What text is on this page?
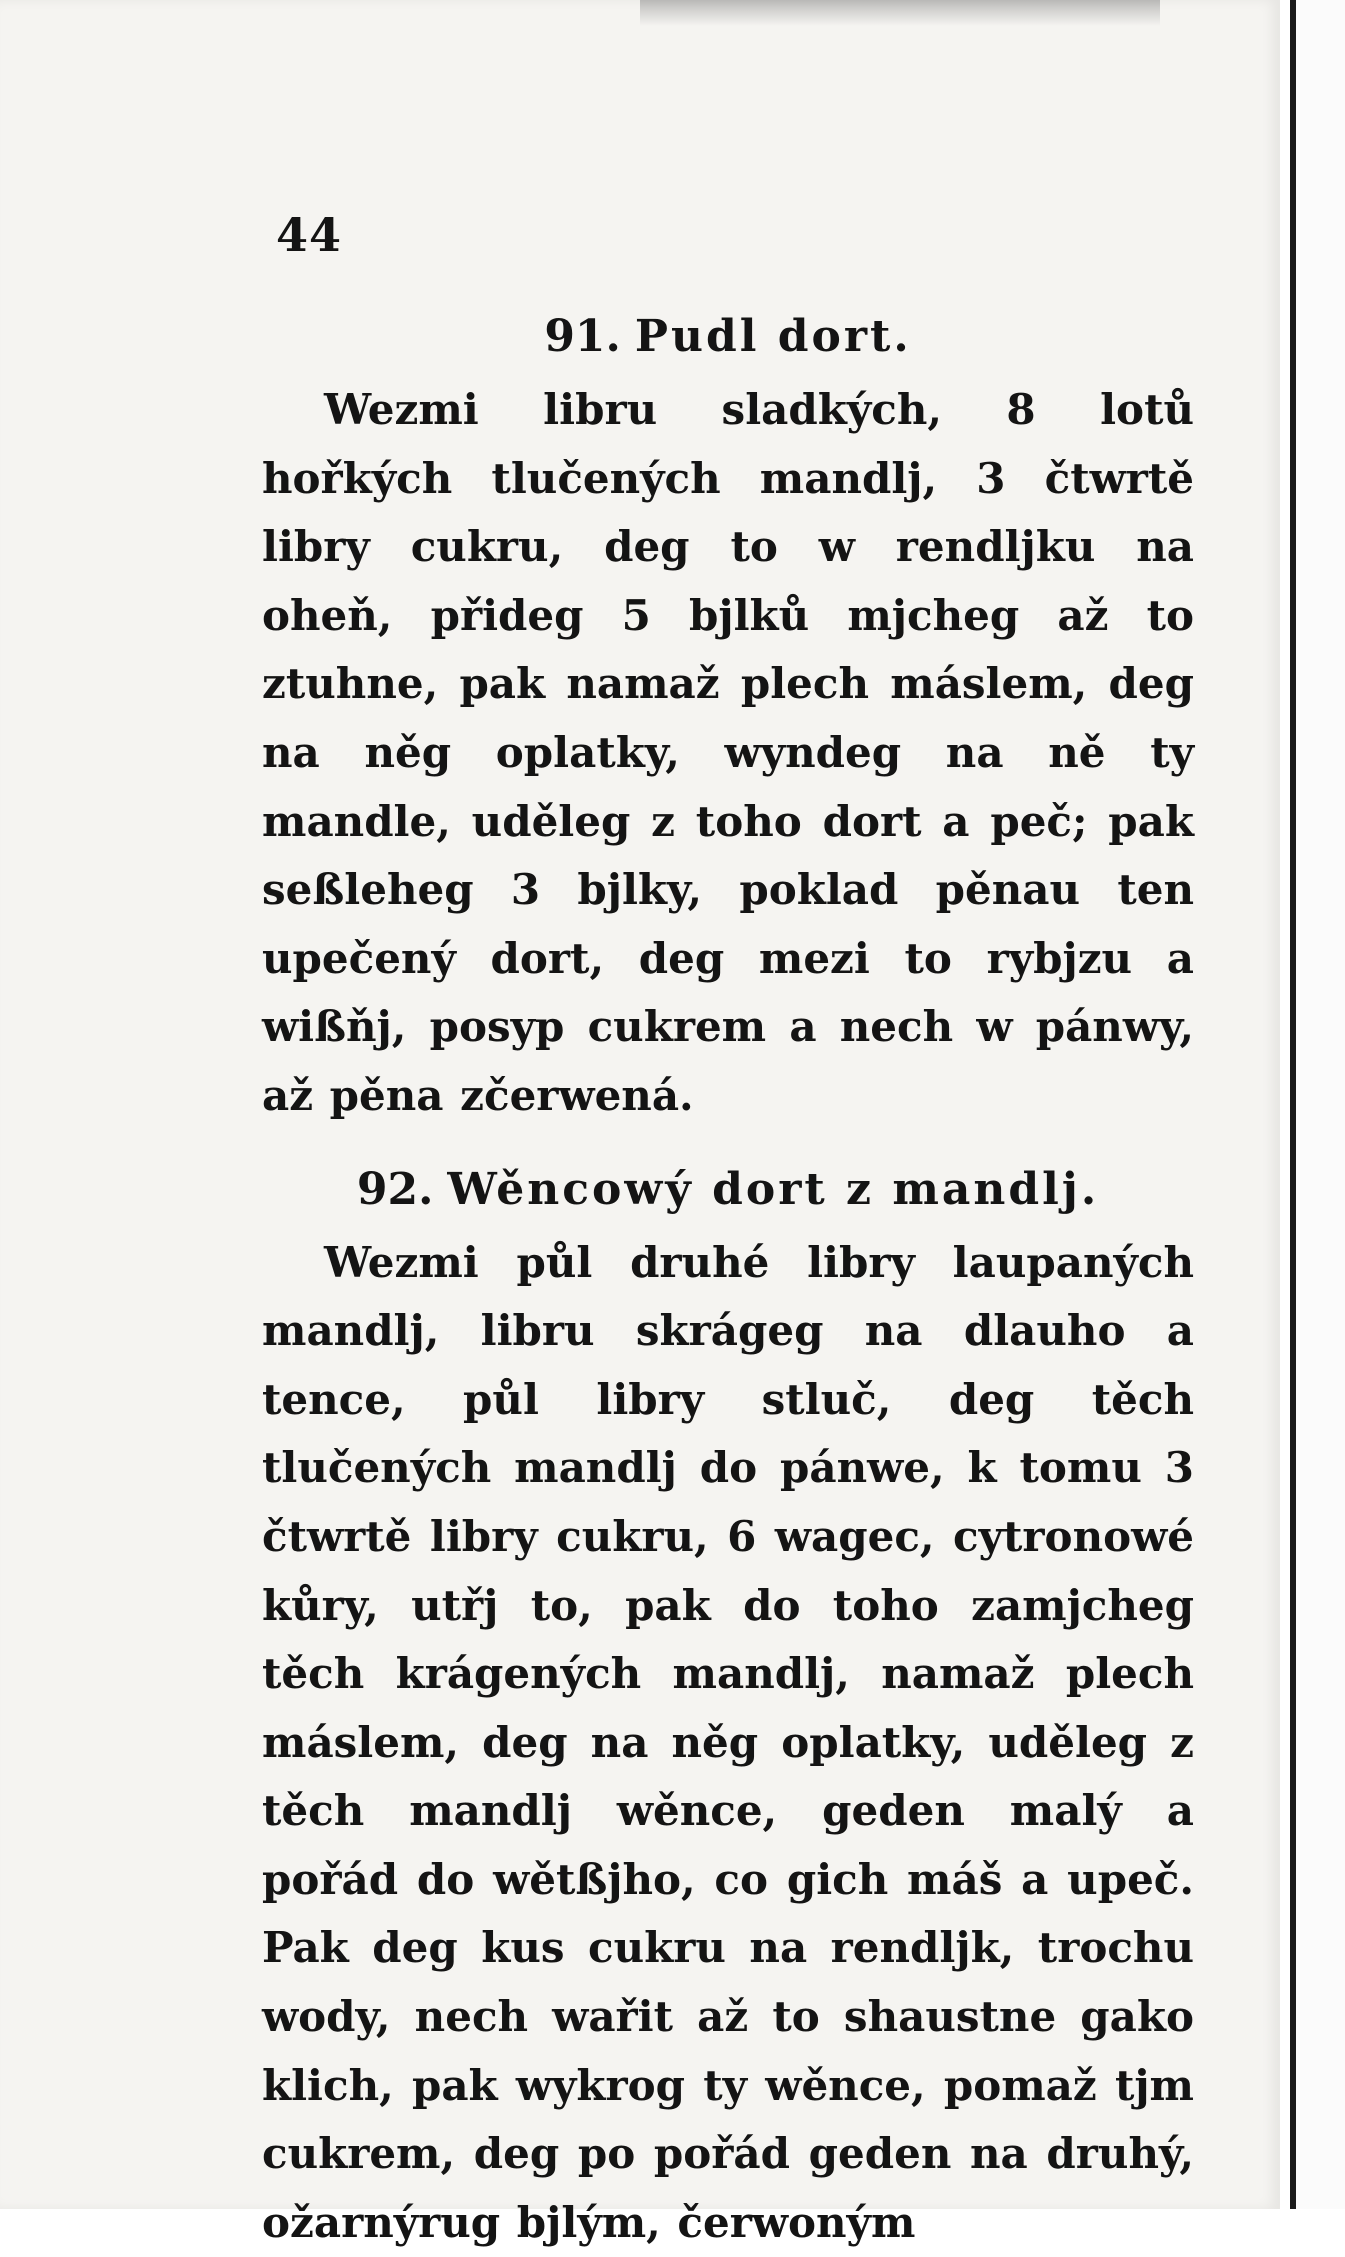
44
91. Pudl dort.

Wezmi libru sladkých, 8 lotů hořkých tlučených mandlj, 3 čtwrtě libry cukru, deg to w rendljku na oheň, přideg 5 bjlků mjcheg až to ztuhne, pak namaž plech máslem, deg na něg oplatky, wyndeg na ně ty mandle, uděleg z toho dort a peč; pak seßleheg 3 bjlky, poklad pěnau ten upečený dort, deg mezi to rybjzu a wißňj, posyp cukrem a nech w pánwy, až pěna zčerwená.

92. Wěncowý dort z mandlj.

Wezmi půl druhé libry laupaných mandlj, libru skrágeg na dlauho a tence, půl libry stluč, deg těch tlučených mandlj do pánwe, k tomu 3 čtwrtě libry cukru, 6 wagec, cytronowé kůry, utřj to, pak do toho zamjcheg těch krágených mandlj, namaž plech máslem, deg na něg oplatky, uděleg z těch mandlj wěnce, geden malý a pořád do wětßjho, co gich máš a upeč. Pak deg kus cukru na rendljk, trochu wody, nech wařit až to shaustne gako klich, pak wykrog ty wěnce, pomaž tjm cukrem, deg po pořád geden na druhý, ožarnýrug bjlým, čerwoným
